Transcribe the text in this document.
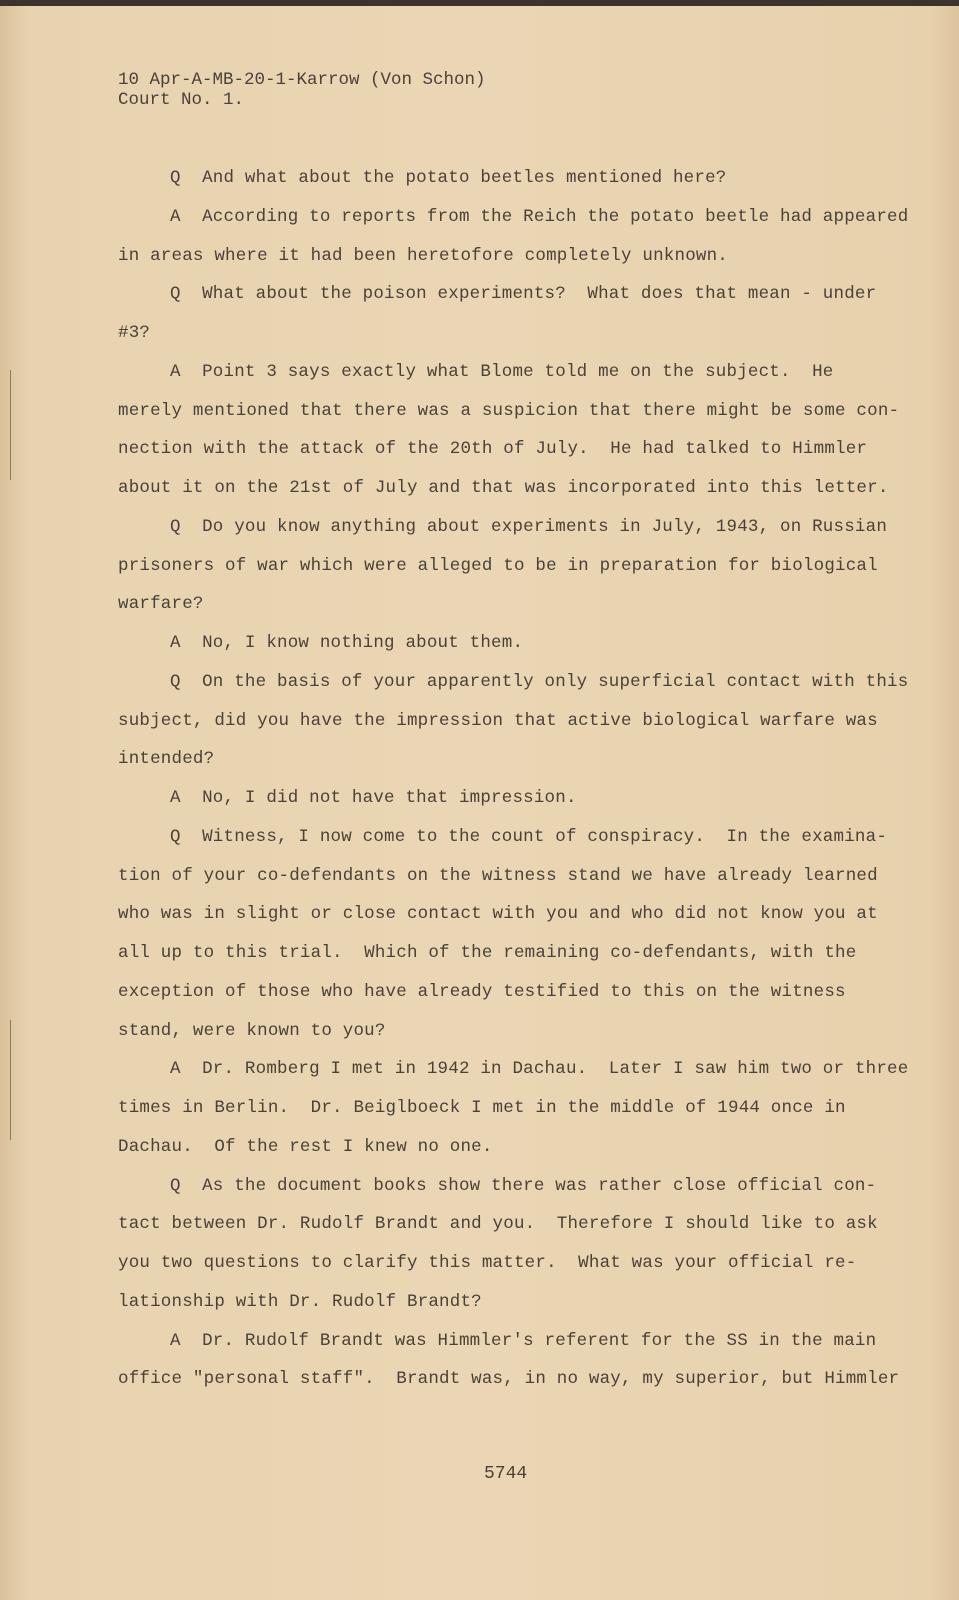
10 Apr-A-MB-20-1-Karrow (Von Schon)
Court No. 1.
Q  And what about the potato beetles mentioned here?
A  According to reports from the Reich the potato beetle had appeared
in areas where it had been heretofore completely unknown.
Q  What about the poison experiments?  What does that mean - under
#3?
A  Point 3 says exactly what Blome told me on the subject.  He
merely mentioned that there was a suspicion that there might be some con-
nection with the attack of the 20th of July.  He had talked to Himmler
about it on the 21st of July and that was incorporated into this letter.
Q  Do you know anything about experiments in July, 1943, on Russian
prisoners of war which were alleged to be in preparation for biological
warfare?
A  No, I know nothing about them.
Q  On the basis of your apparently only superficial contact with this
subject, did you have the impression that active biological warfare was
intended?
A  No, I did not have that impression.
Q  Witness, I now come to the count of conspiracy.  In the examina-
tion of your co-defendants on the witness stand we have already learned
who was in slight or close contact with you and who did not know you at
all up to this trial.  Which of the remaining co-defendants, with the
exception of those who have already testified to this on the witness
stand, were known to you?
A  Dr. Romberg I met in 1942 in Dachau.  Later I saw him two or three
times in Berlin.  Dr. Beiglboeck I met in the middle of 1944 once in
Dachau.  Of the rest I knew no one.
Q  As the document books show there was rather close official con-
tact between Dr. Rudolf Brandt and you.  Therefore I should like to ask
you two questions to clarify this matter.  What was your official re-
lationship with Dr. Rudolf Brandt?
A  Dr. Rudolf Brandt was Himmler's referent for the SS in the main
office "personal staff".  Brandt was, in no way, my superior, but Himmler
5744
